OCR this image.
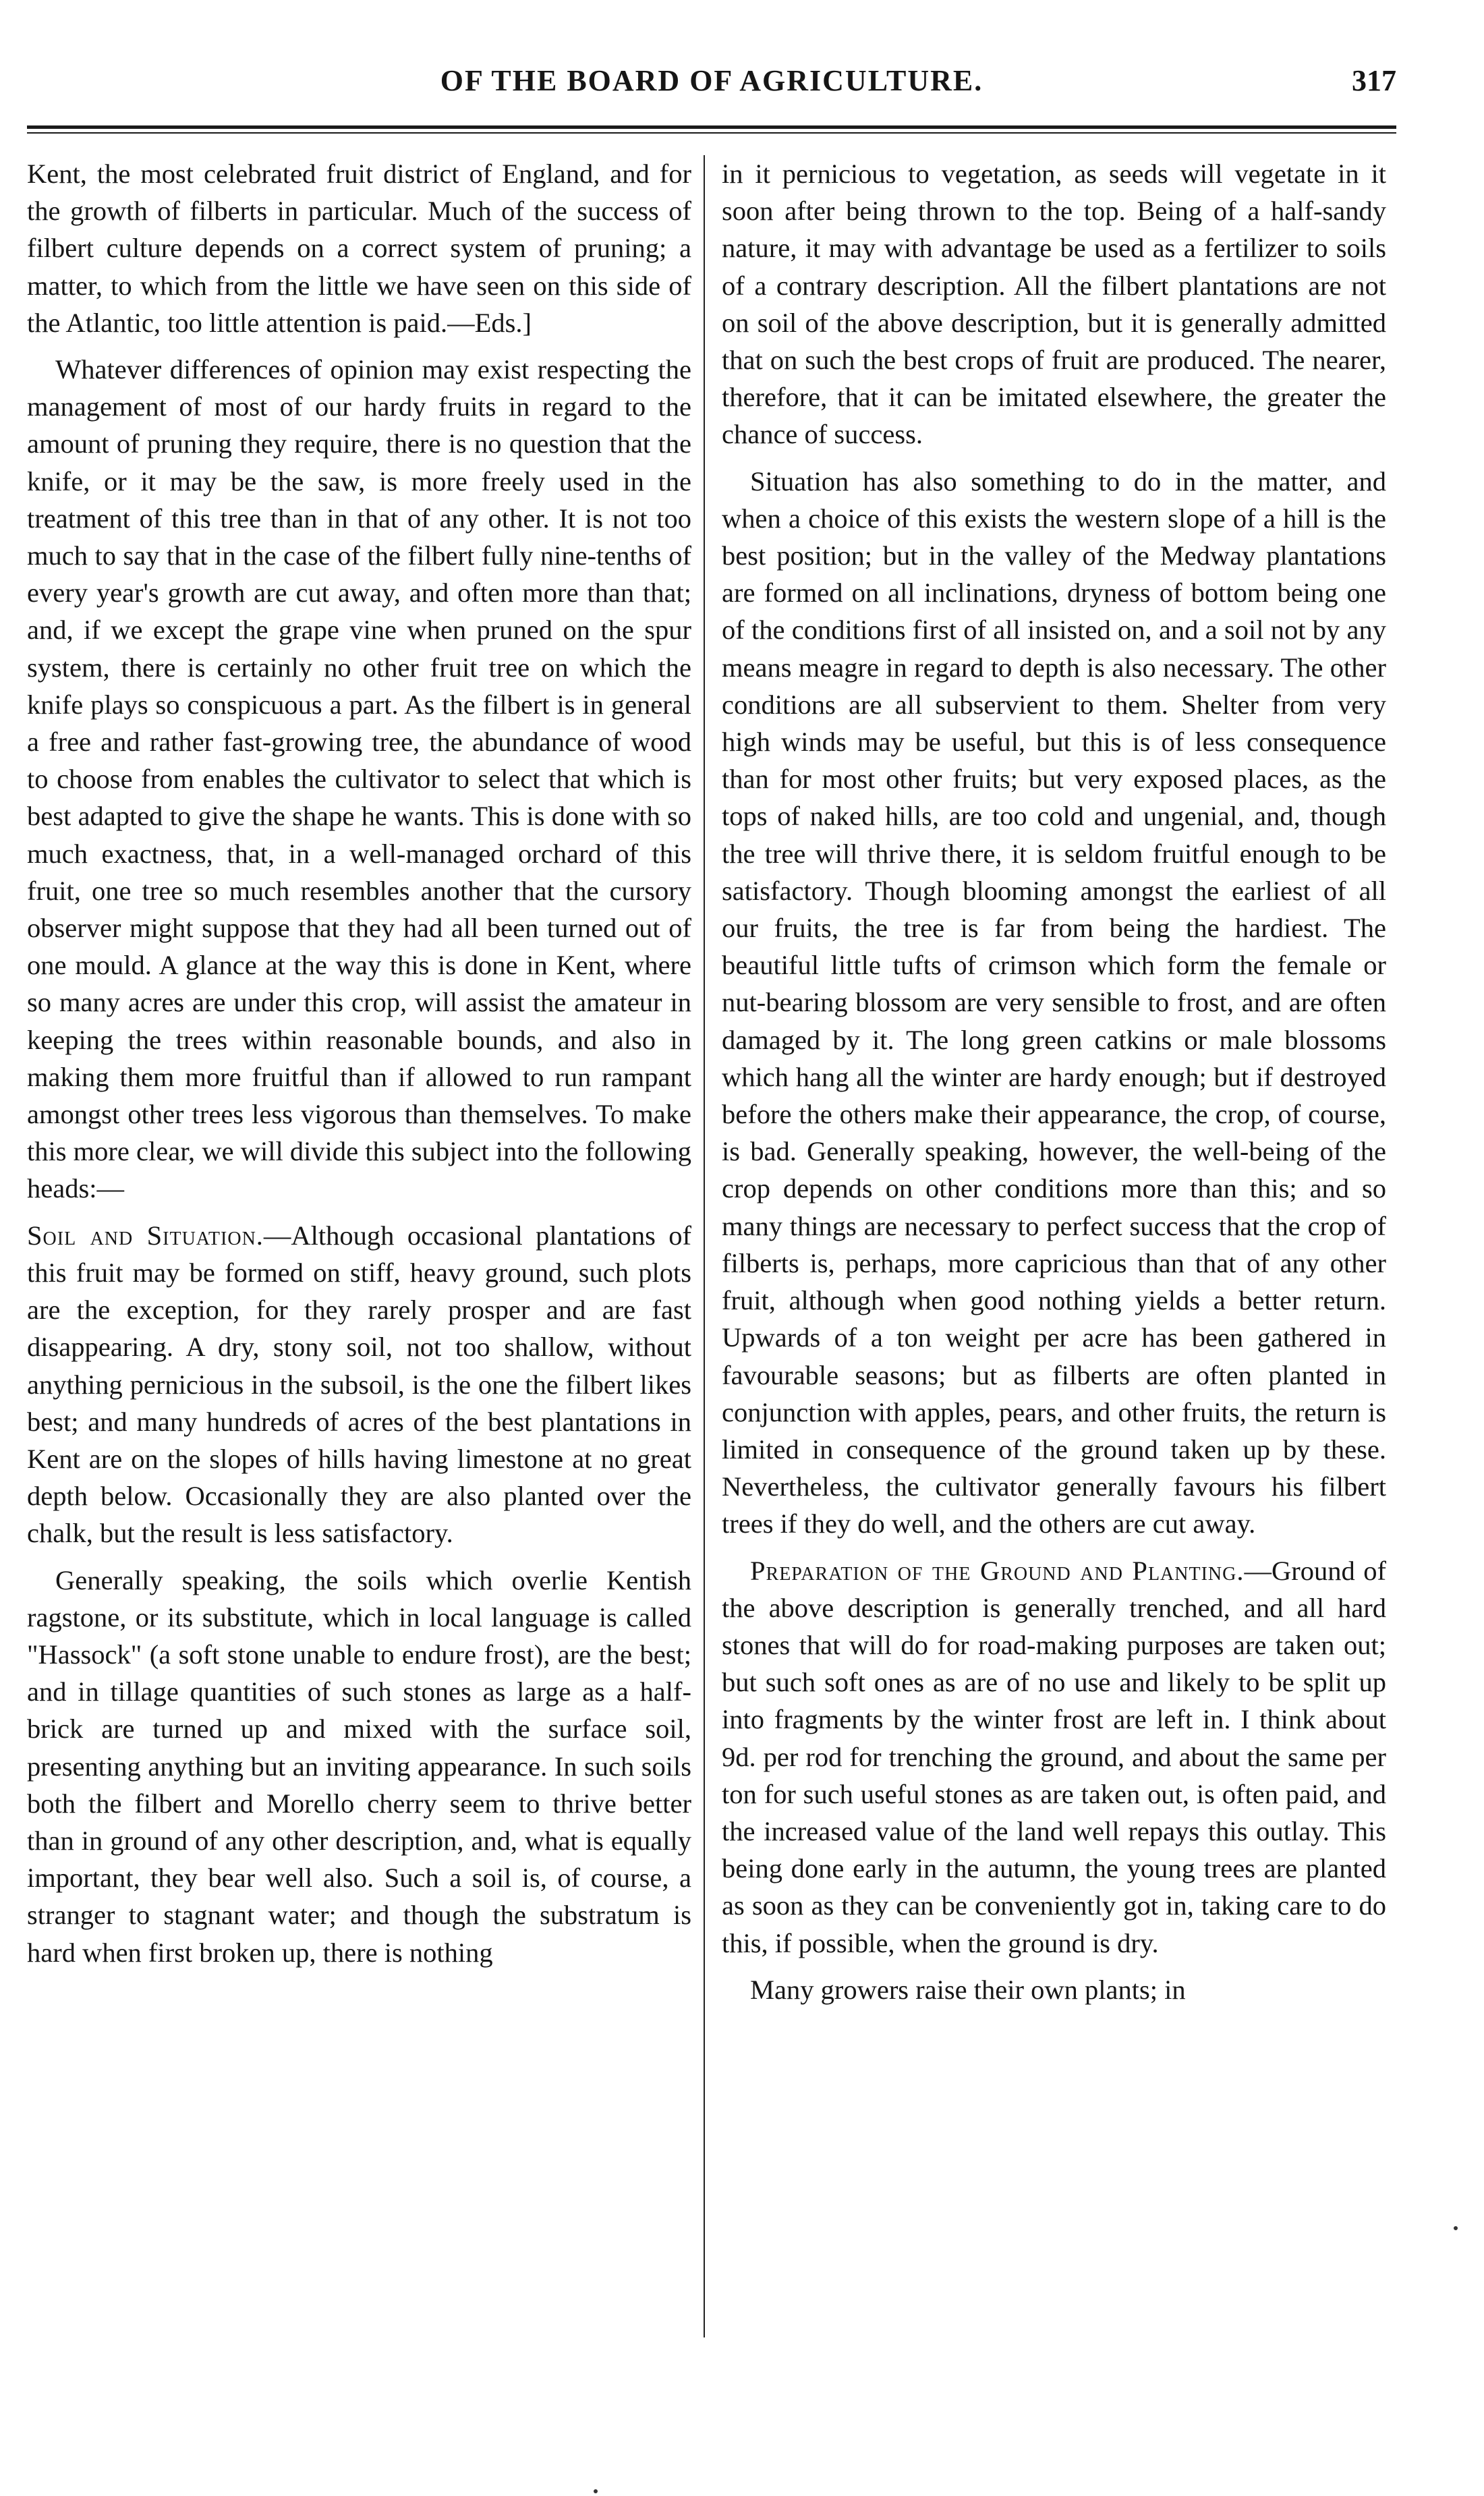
OF THE BOARD OF AGRICULTURE.	317

Kent, the most celebrated fruit district of England, and for the growth of filberts in particular. Much of the success of filbert culture depends on a correct system of pruning; a matter, to which from the little we have seen on this side of the Atlantic, too little attention is paid.—Eds.]

Whatever differences of opinion may exist respecting the management of most of our hardy fruits in regard to the amount of pruning they require, there is no question that the knife, or it may be the saw, is more freely used in the treatment of this tree than in that of any other. It is not too much to say that in the case of the filbert fully nine-tenths of every year's growth are cut away, and often more than that; and, if we except the grape vine when pruned on the spur system, there is certainly no other fruit tree on which the knife plays so conspicuous a part. As the filbert is in general a free and rather fast-growing tree, the abundance of wood to choose from enables the cultivator to select that which is best adapted to give the shape he wants. This is done with so much exactness, that, in a well-managed orchard of this fruit, one tree so much resembles another that the cursory observer might suppose that they had all been turned out of one mould. A glance at the way this is done in Kent, where so many acres are under this crop, will assist the amateur in keeping the trees within reasonable bounds, and also in making them more fruitful than if allowed to run rampant amongst other trees less vigorous than themselves. To make this more clear, we will divide this subject into the following heads:—

Soil and Situation.—Although occasional plantations of this fruit may be formed on stiff, heavy ground, such plots are the exception, for they rarely prosper and are fast disappearing. A dry, stony soil, not too shallow, without anything pernicious in the subsoil, is the one the filbert likes best; and many hundreds of acres of the best plantations in Kent are on the slopes of hills having limestone at no great depth below. Occasionally they are also planted over the chalk, but the result is less satisfactory.

Generally speaking, the soils which overlie Kentish ragstone, or its substitute, which in local language is called "Hassock" (a soft stone unable to endure frost), are the best; and in tillage quantities of such stones as large as a half-brick are turned up and mixed with the surface soil, presenting anything but an inviting appearance. In such soils both the filbert and Morello cherry seem to thrive better than in ground of any other description, and, what is equally important, they bear well also. Such a soil is, of course, a stranger to stagnant water; and though the substratum is hard when first broken up, there is nothing

in it pernicious to vegetation, as seeds will vegetate in it soon after being thrown to the top. Being of a half-sandy nature, it may with advantage be used as a fertilizer to soils of a contrary description. All the filbert plantations are not on soil of the above description, but it is generally admitted that on such the best crops of fruit are produced. The nearer, therefore, that it can be imitated elsewhere, the greater the chance of success.

Situation has also something to do in the matter, and when a choice of this exists the western slope of a hill is the best position; but in the valley of the Medway plantations are formed on all inclinations, dryness of bottom being one of the conditions first of all insisted on, and a soil not by any means meagre in regard to depth is also necessary. The other conditions are all subservient to them. Shelter from very high winds may be useful, but this is of less consequence than for most other fruits; but very exposed places, as the tops of naked hills, are too cold and ungenial, and, though the tree will thrive there, it is seldom fruitful enough to be satisfactory. Though blooming amongst the earliest of all our fruits, the tree is far from being the hardiest. The beautiful little tufts of crimson which form the female or nut-bearing blossom are very sensible to frost, and are often damaged by it. The long green catkins or male blossoms which hang all the winter are hardy enough; but if destroyed before the others make their appearance, the crop, of course, is bad. Generally speaking, however, the well-being of the crop depends on other conditions more than this; and so many things are necessary to perfect success that the crop of filberts is, perhaps, more capricious than that of any other fruit, although when good nothing yields a better return. Upwards of a ton weight per acre has been gathered in favourable seasons; but as filberts are often planted in conjunction with apples, pears, and other fruits, the return is limited in consequence of the ground taken up by these. Nevertheless, the cultivator generally favours his filbert trees if they do well, and the others are cut away.

Preparation of the Ground and Planting.—Ground of the above description is generally trenched, and all hard stones that will do for road-making purposes are taken out; but such soft ones as are of no use and likely to be split up into fragments by the winter frost are left in. I think about 9d. per rod for trenching the ground, and about the same per ton for such useful stones as are taken out, is often paid, and the increased value of the land well repays this outlay. This being done early in the autumn, the young trees are planted as soon as they can be conveniently got in, taking care to do this, if possible, when the ground is dry.

Many growers raise their own plants; in
